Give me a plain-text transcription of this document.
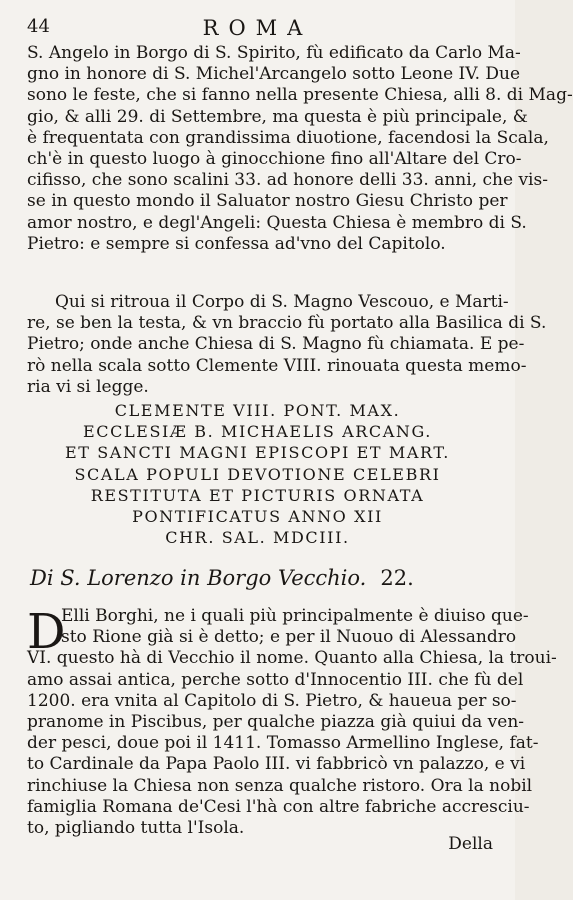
44	ROMA
S. Angelo in Borgo di S. Spirito, fù edificato da Carlo Ma-
gno in honore di S. Michel'Arcangelo sotto Leone IV. Due
sono le feste, che si fanno nella presente Chiesa, alli 8. di Mag-
gio, & alli 29. di Settembre, ma questa è più principale, &
è frequentata con grandissima diuotione, facendosi la Scala,
ch'è in questo luogo à ginocchione fino all'Altare del Cro-
cifisso, che sono scalini 33. ad honore delli 33. anni, che vis-
se in questo mondo il Saluator nostro Giesu Christo per
amor nostro, e degl'Angeli: Questa Chiesa è membro di S.
Pietro: e sempre si confessa ad'vno del Capitolo.
Qui si ritroua il Corpo di S. Magno Vescouo, e Marti-
re, se ben la testa, & vn braccio fù portato alla Basilica di S.
Pietro; onde anche Chiesa di S. Magno fù chiamata. E pe-
rò nella scala sotto Clemente VIII. rinouata questa memo-
ria vi si legge.
CLEMENTE VIII. PONT. MAX.
ECCLESIÆ B. MICHAELIS ARCANG.
ET SANCTI MAGNI EPISCOPI ET MART.
SCALA POPULI DEVOTIONE CELEBRI
RESTITUTA ET PICTURIS ORNATA
PONTIFICATUS ANNO XII
CHR. SAL. MDCIII.
Di S. Lorenzo in Borgo Vecchio. 22.
D
Elli Borghi, ne i quali più principalmente è diuiso que-
sto Rione già si è detto; e per il Nuouo di Alessandro
VI. questo hà di Vecchio il nome. Quanto alla Chiesa, la troui-
amo assai antica, perche sotto d'Innocentio III. che fù del
1200. era vnita al Capitolo di S. Pietro, & haueua per so-
pranome in Piscibus, per qualche piazza già quiui da ven-
der pesci, doue poi il 1411. Tomasso Armellino Inglese, fat-
to Cardinale da Papa Paolo III. vi fabbricò vn palazzo, e vi
rinchiuse la Chiesa non senza qualche ristoro. Ora la nobil
famiglia Romana de'Cesi l'hà con altre fabriche accresciu-
to, pigliando tutta l'Isola.
Della
